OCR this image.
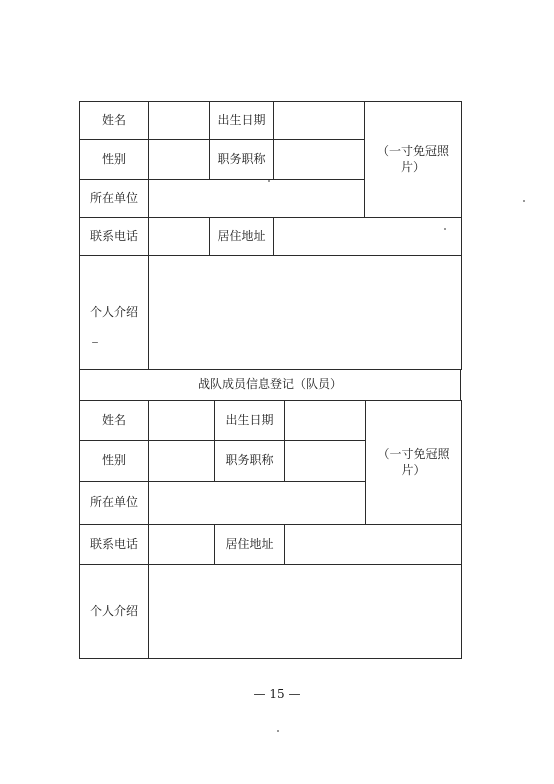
姓名		出生日期		（一寸免冠照
片）

性别		职务职称		
所在单位				
联系电话		居住地址		
个人介绍				
战队成员信息登记（队员）
姓名		出生日期		（一寸免冠照
片）

性别		职务职称		
所在单位				
联系电话		居住地址		
个人介绍				
— 15 —
